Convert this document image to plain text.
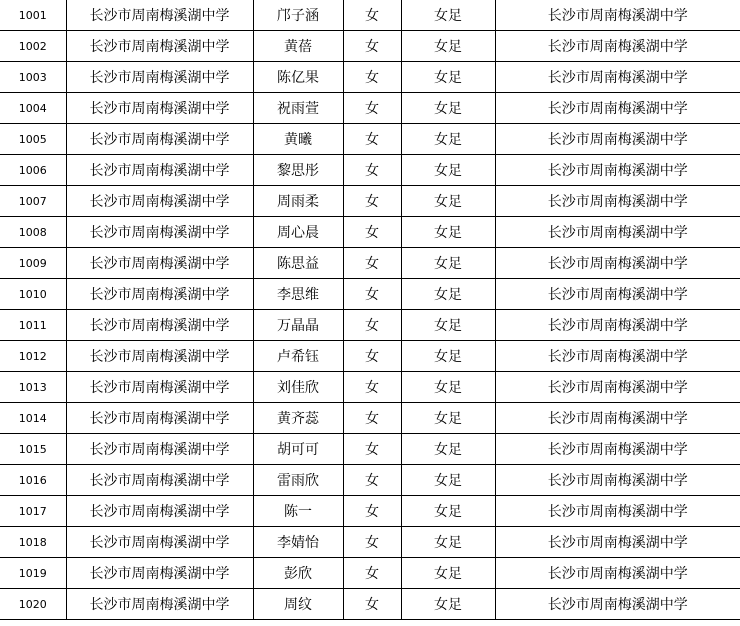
1001	长沙市周南梅溪湖中学	邝子涵	女	女足	长沙市周南梅溪湖中学
1002	长沙市周南梅溪湖中学	黄蓓	女	女足	长沙市周南梅溪湖中学
1003	长沙市周南梅溪湖中学	陈亿果	女	女足	长沙市周南梅溪湖中学
1004	长沙市周南梅溪湖中学	祝雨萱	女	女足	长沙市周南梅溪湖中学
1005	长沙市周南梅溪湖中学	黄曦	女	女足	长沙市周南梅溪湖中学
1006	长沙市周南梅溪湖中学	黎思彤	女	女足	长沙市周南梅溪湖中学
1007	长沙市周南梅溪湖中学	周雨柔	女	女足	长沙市周南梅溪湖中学
1008	长沙市周南梅溪湖中学	周心晨	女	女足	长沙市周南梅溪湖中学
1009	长沙市周南梅溪湖中学	陈思益	女	女足	长沙市周南梅溪湖中学
1010	长沙市周南梅溪湖中学	李思维	女	女足	长沙市周南梅溪湖中学
1011	长沙市周南梅溪湖中学	万晶晶	女	女足	长沙市周南梅溪湖中学
1012	长沙市周南梅溪湖中学	卢希钰	女	女足	长沙市周南梅溪湖中学
1013	长沙市周南梅溪湖中学	刘佳欣	女	女足	长沙市周南梅溪湖中学
1014	长沙市周南梅溪湖中学	黄齐蕊	女	女足	长沙市周南梅溪湖中学
1015	长沙市周南梅溪湖中学	胡可可	女	女足	长沙市周南梅溪湖中学
1016	长沙市周南梅溪湖中学	雷雨欣	女	女足	长沙市周南梅溪湖中学
1017	长沙市周南梅溪湖中学	陈一	女	女足	长沙市周南梅溪湖中学
1018	长沙市周南梅溪湖中学	李婧怡	女	女足	长沙市周南梅溪湖中学
1019	长沙市周南梅溪湖中学	彭欣	女	女足	长沙市周南梅溪湖中学
1020	长沙市周南梅溪湖中学	周纹	女	女足	长沙市周南梅溪湖中学
